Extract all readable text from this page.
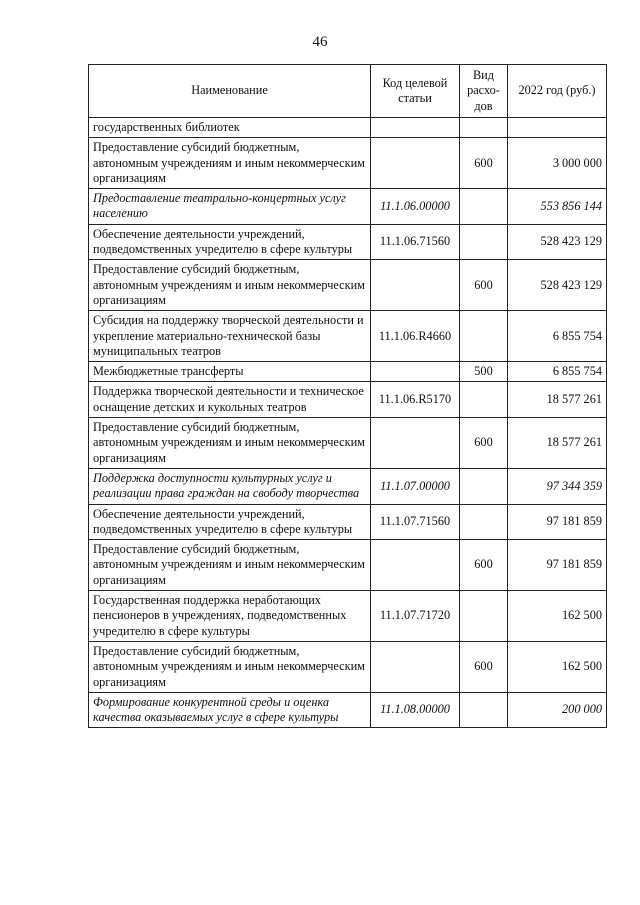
46
Наименование	Код целевой статьи	Вид расхо-дов	2022 год (руб.)
государственных библиотек			
Предоставление субсидий бюджетным, автономным учреждениям и иным некоммерческим организациям		600	3 000 000
Предоставление театрально-концертных услуг населению	11.1.06.00000		553 856 144
Обеспечение деятельности учреждений, подведомственных учредителю в сфере культуры	11.1.06.71560		528 423 129
Предоставление субсидий бюджетным, автономным учреждениям и иным некоммерческим организациям		600	528 423 129
Субсидия на поддержку творческой деятельности и укрепление материально-технической базы муниципальных театров	11.1.06.R4660		6 855 754
Межбюджетные трансферты		500	6 855 754
Поддержка творческой деятельности и техническое оснащение детских и кукольных театров	11.1.06.R5170		18 577 261
Предоставление субсидий бюджетным, автономным учреждениям и иным некоммерческим организациям		600	18 577 261
Поддержка доступности культурных услуг и реализации права граждан на свободу творчества	11.1.07.00000		97 344 359
Обеспечение деятельности учреждений, подведомственных учредителю в сфере культуры	11.1.07.71560		97 181 859
Предоставление субсидий бюджетным, автономным учреждениям и иным некоммерческим организациям		600	97 181 859
Государственная поддержка неработающих пенсионеров в учреждениях, подведомственных учредителю в сфере культуры	11.1.07.71720		162 500
Предоставление субсидий бюджетным, автономным учреждениям и иным некоммерческим организациям		600	162 500
Формирование конкурентной среды и оценка качества оказываемых услуг в сфере культуры	11.1.08.00000		200 000
